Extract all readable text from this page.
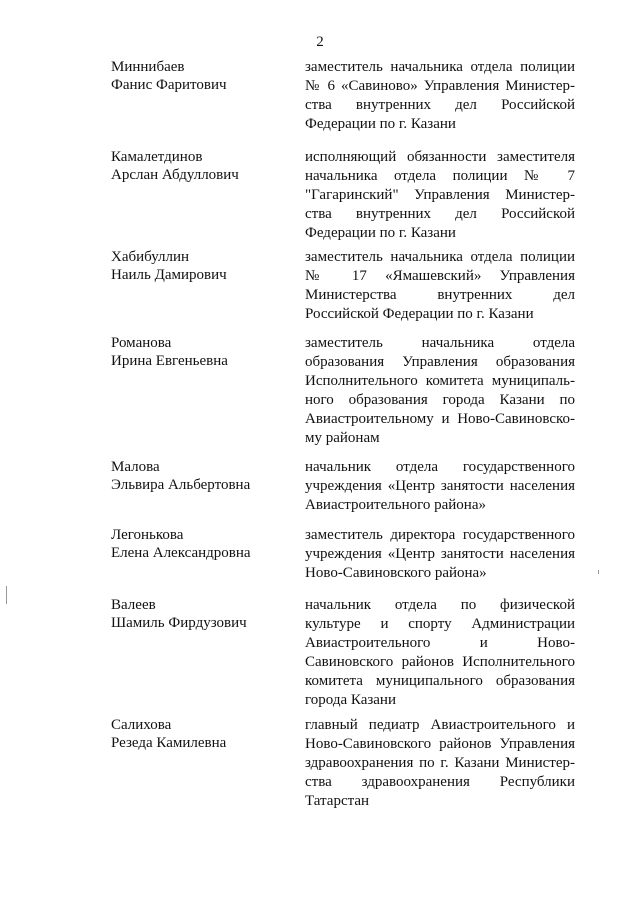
2
Миннибаев
Фанис Фаритович
заместитель начальника отдела полиции
№ 6 «Савиново» Управления Министер-
ства внутренних дел Российской
Федерации по г. Казани
Камалетдинов
Арслан Абдуллович
исполняющий обязанности заместителя
начальника отдела полиции № 7
"Гагаринский" Управления Министер-
ства внутренних дел Российской
Федерации по г. Казани
Хабибуллин
Наиль Дамирович
заместитель начальника отдела полиции
№ 17 «Ямашевский» Управления
Министерства внутренних дел
Российской Федерации по г. Казани
Романова
Ирина Евгеньевна
заместитель начальника отдела
образования Управления образования
Исполнительного комитета муниципаль-
ного образования города Казани по
Авиастроительному и Ново-Савиновско-
му районам
Малова
Эльвира Альбертовна
начальник отдела государственного
учреждения «Центр занятости населения
Авиастроительного района»
Легонькова
Елена Александровна
заместитель директора государственного
учреждения «Центр занятости населения
Ново-Савиновского района»
Валеев
Шамиль Фирдузович
начальник отдела по физической
культуре и спорту Администрации
Авиастроительного и Ново-
Савиновского районов Исполнительного
комитета муниципального образования
города Казани
Салихова
Резеда Камилевна
главный педиатр Авиастроительного и
Ново-Савиновского районов Управления
здравоохранения по г. Казани Министер-
ства здравоохранения Республики
Татарстан
